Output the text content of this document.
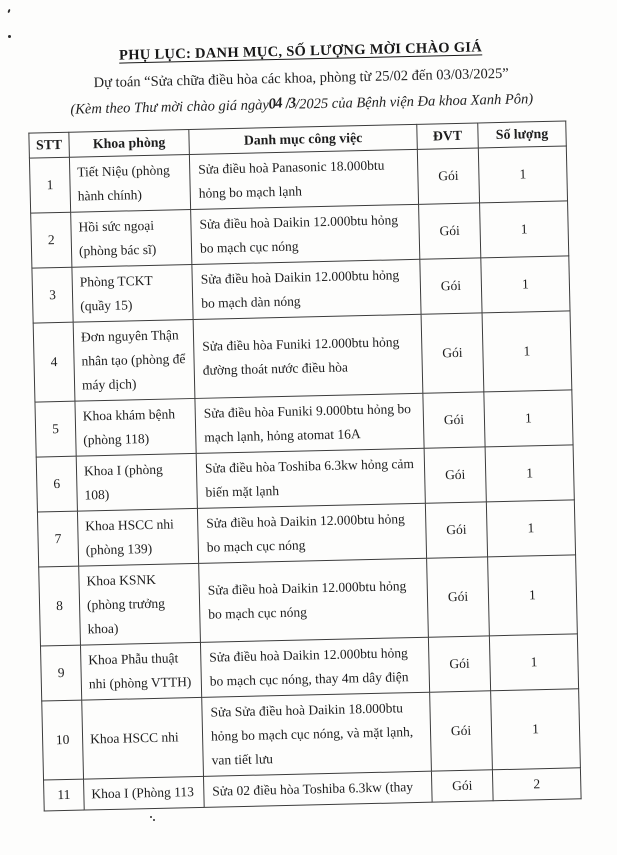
PHỤ LỤC: DANH MỤC, SỐ LƯỢNG MỜI CHÀO GIÁ
Dự toán “Sửa chữa điều hòa các khoa, phòng từ 25/02 đến 03/03/2025”
(Kèm theo Thư mời chào giá ngày04 /3/2025 của Bệnh viện Đa khoa Xanh Pôn)
STT	Khoa phòng	Danh mục công việc	ĐVT	Số lượng
1	Tiết Niệu (phòng hành chính)	Sửa điều hoà Panasonic 18.000btu hỏng bo mạch lạnh	Gói	1
2	Hồi sức ngoại (phòng bác sĩ)	Sửa điều hoà Daikin 12.000btu hỏng bo mạch cục nóng	Gói	1
3	Phòng TCKT (quầy 15)	Sửa điều hoà Daikin 12.000btu hỏng bo mạch dàn nóng	Gói	1
4	Đơn nguyên Thận nhân tạo (phòng để máy dịch)	Sửa điều hòa Funiki 12.000btu hỏng đường thoát nước điều hòa	Gói	1
5	Khoa khám bệnh (phòng 118)	Sửa điều hòa Funiki 9.000btu hỏng bo mạch lạnh, hỏng atomat 16A	Gói	1
6	Khoa I (phòng 108)	Sửa điều hòa Toshiba 6.3kw hỏng cảm biến mặt lạnh	Gói	1
7	Khoa HSCC nhi (phòng 139)	Sửa điều hoà Daikin 12.000btu hỏng bo mạch cục nóng	Gói	1
8	Khoa KSNK (phòng trưởng khoa)	Sửa điều hoà Daikin 12.000btu hỏng bo mạch cục nóng	Gói	1
9	Khoa Phẫu thuật nhi (phòng VTTH)	Sửa điều hoà Daikin 12.000btu hỏng bo mạch cục nóng, thay 4m dây điện	Gói	1
10	Khoa HSCC nhi	Sửa Sửa điều hoà Daikin 18.000btu hỏng bo mạch cục nóng, và mặt lạnh, van tiết lưu	Gói	1
11	Khoa I (Phòng 113	Sửa 02 điều hòa Toshiba 6.3kw (thay	Gói	2
